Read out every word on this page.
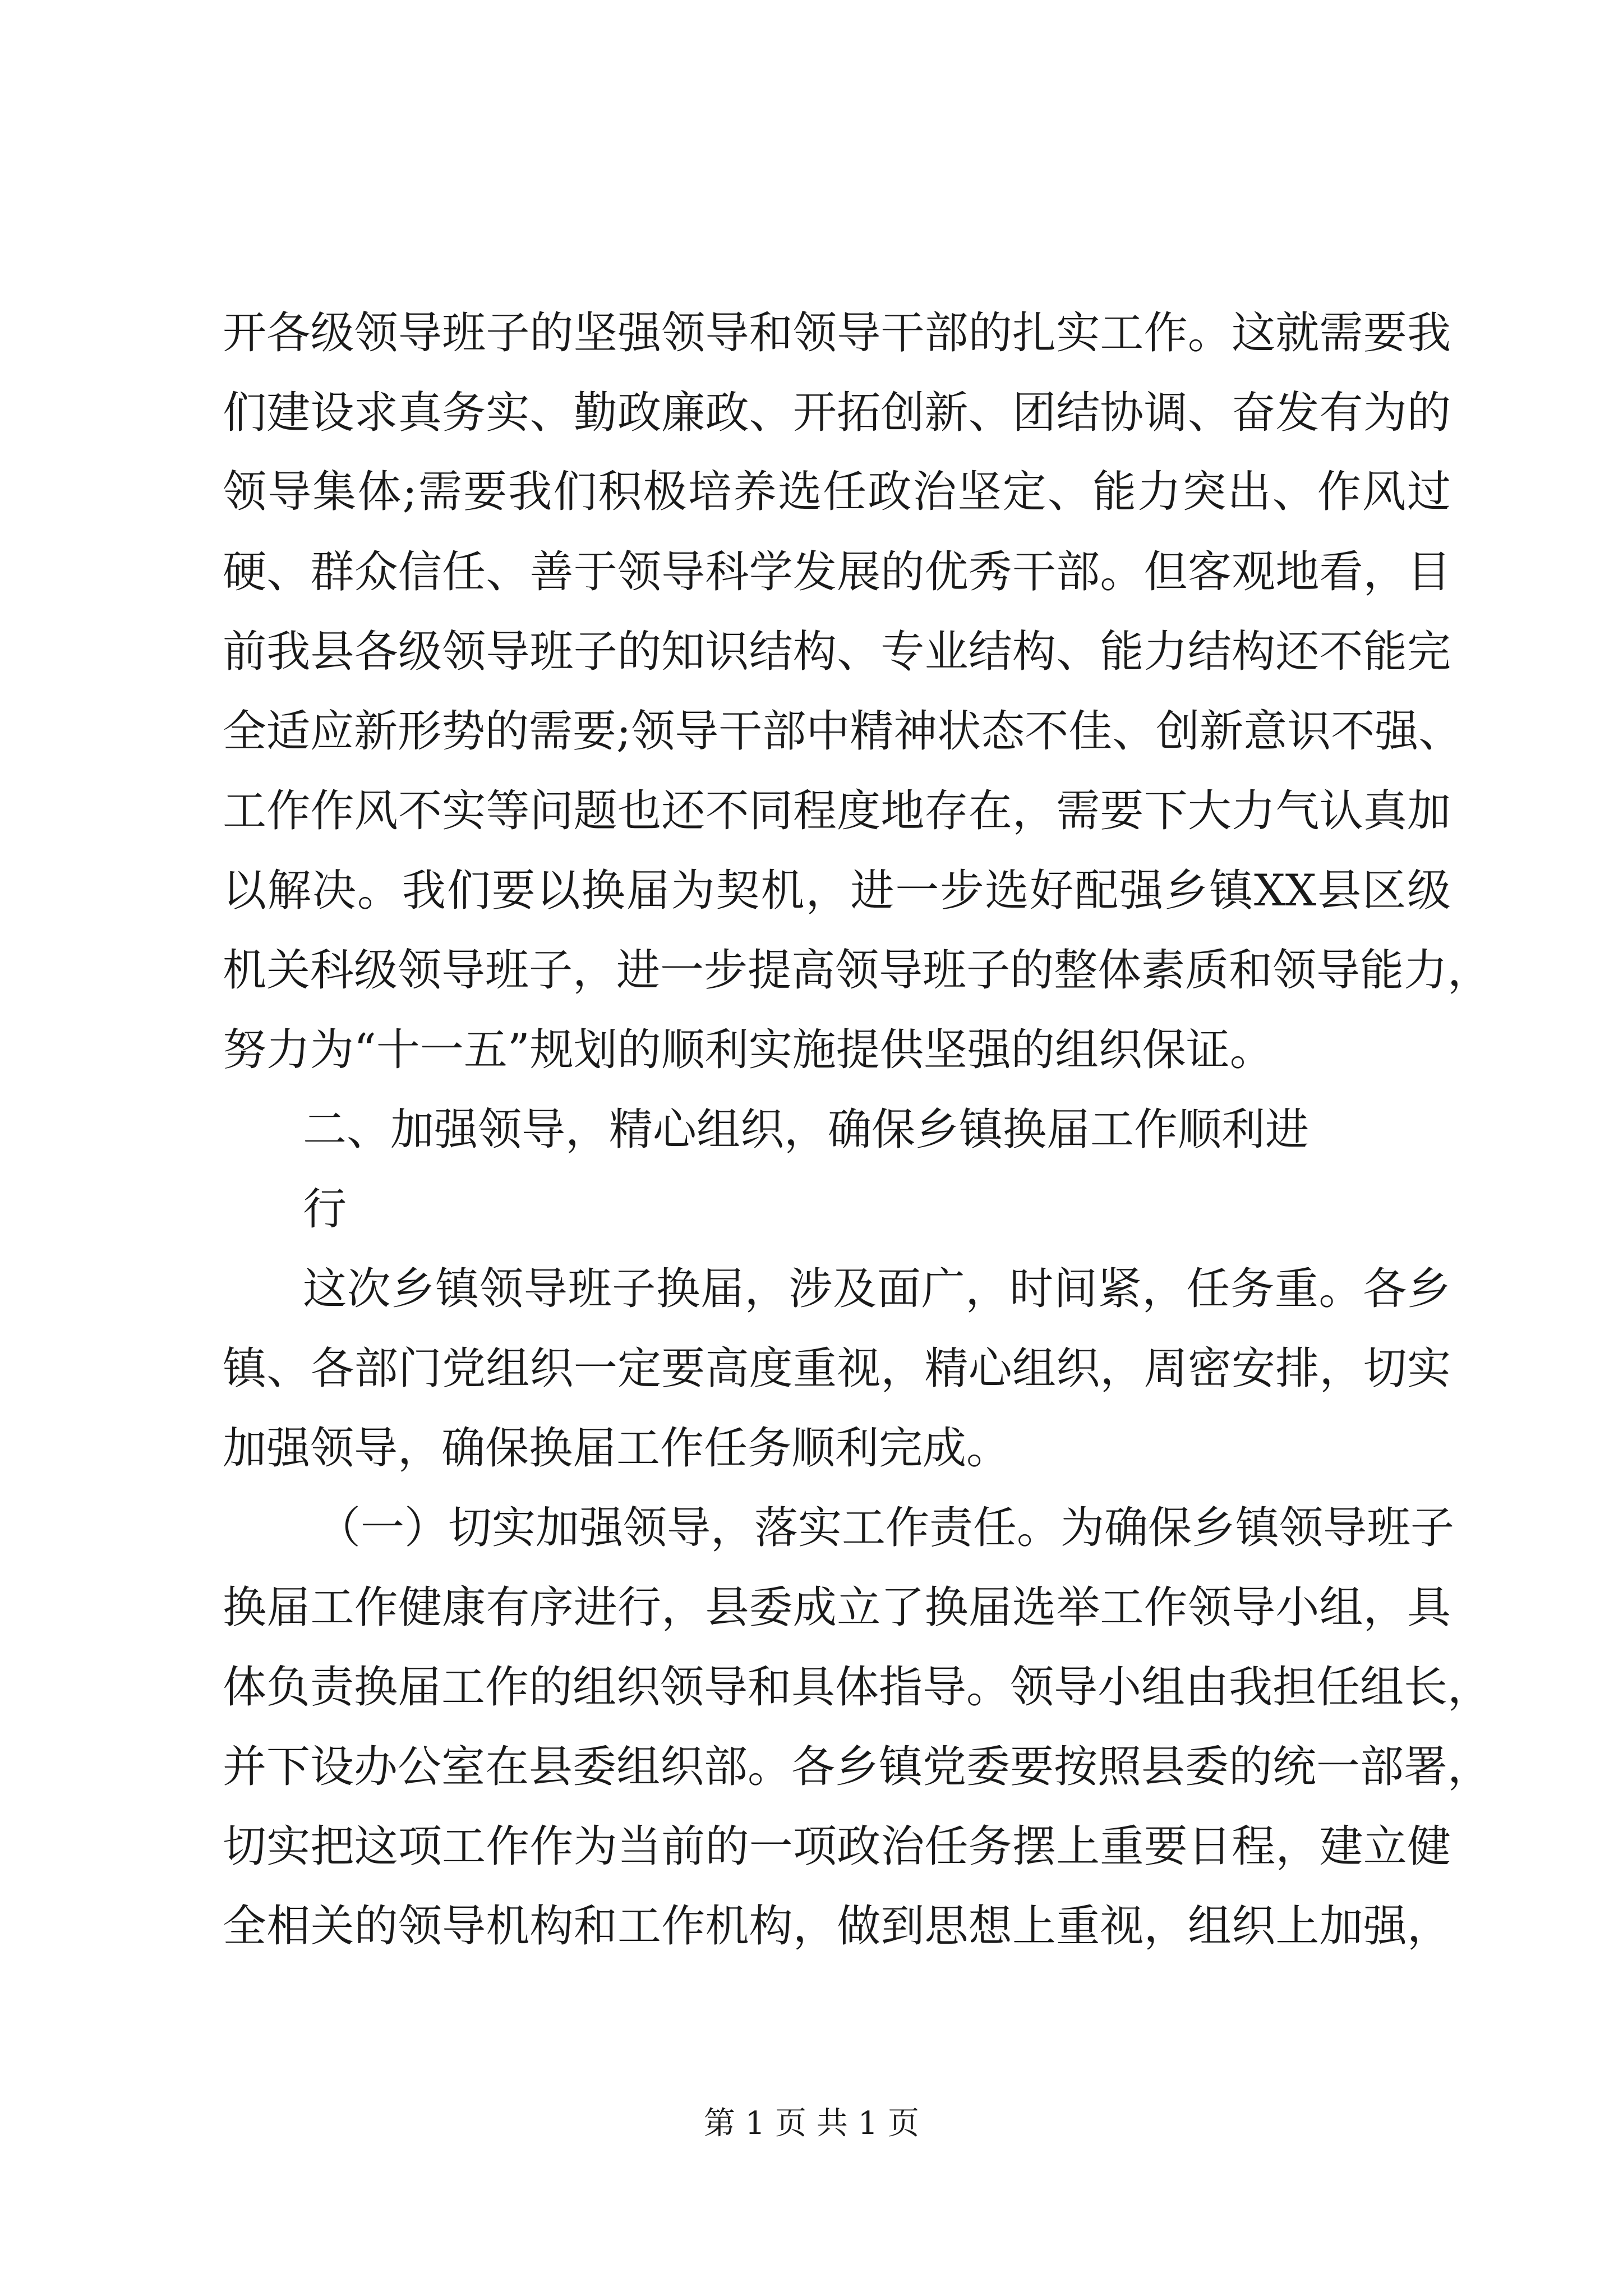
开各级领导班子的坚强领导和领导干部的扎实工作。这就需要我
们建设求真务实、勤政廉政、开拓创新、团结协调、奋发有为的
领导集体;需要我们积极培养选任政治坚定、能力突出、作风过
硬、群众信任、善于领导科学发展的优秀干部。但客观地看，目
前我县各级领导班子的知识结构、专业结构、能力结构还不能完
全适应新形势的需要;领导干部中精神状态不佳、创新意识不强、
工作作风不实等问题也还不同程度地存在，需要下大力气认真加
以解决。我们要以换届为契机，进一步选好配强乡镇XX县区级
机关科级领导班子，进一步提高领导班子的整体素质和领导能力，
努力为“十一五”规划的顺利实施提供坚强的组织保证。
二、加强领导，精心组织，确保乡镇换届工作顺利进
行
这次乡镇领导班子换届，涉及面广，时间紧，任务重。各乡
镇、各部门党组织一定要高度重视，精心组织，周密安排，切实
加强领导，确保换届工作任务顺利完成。
（一）切实加强领导，落实工作责任。为确保乡镇领导班子
换届工作健康有序进行，县委成立了换届选举工作领导小组，具
体负责换届工作的组织领导和具体指导。领导小组由我担任组长，
并下设办公室在县委组织部。各乡镇党委要按照县委的统一部署，
切实把这项工作作为当前的一项政治任务摆上重要日程，建立健
全相关的领导机构和工作机构，做到思想上重视，组织上加强，
第 1 页 共 1 页
